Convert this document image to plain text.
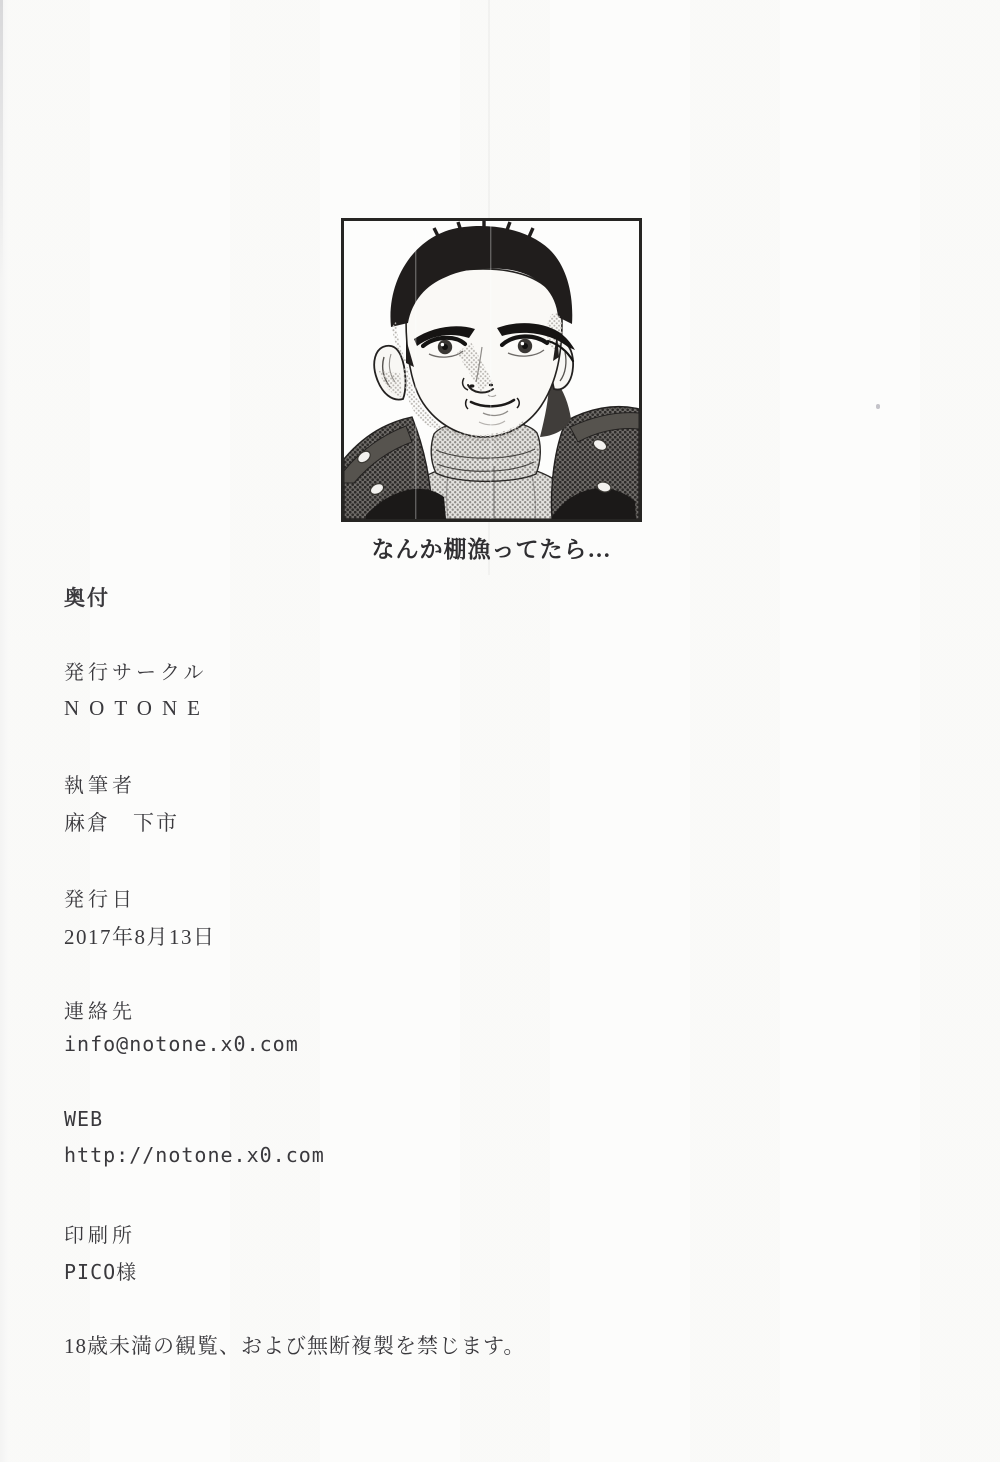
なんか棚漁ってたら…
奥付
発行サークル
NOTONE
執筆者
麻倉　下市
発行日
2017年8月13日
連絡先
info@notone.x0.com
WEB
http://notone.x0.com
印刷所
PICO様
18歳未満の観覧、および無断複製を禁じます。
